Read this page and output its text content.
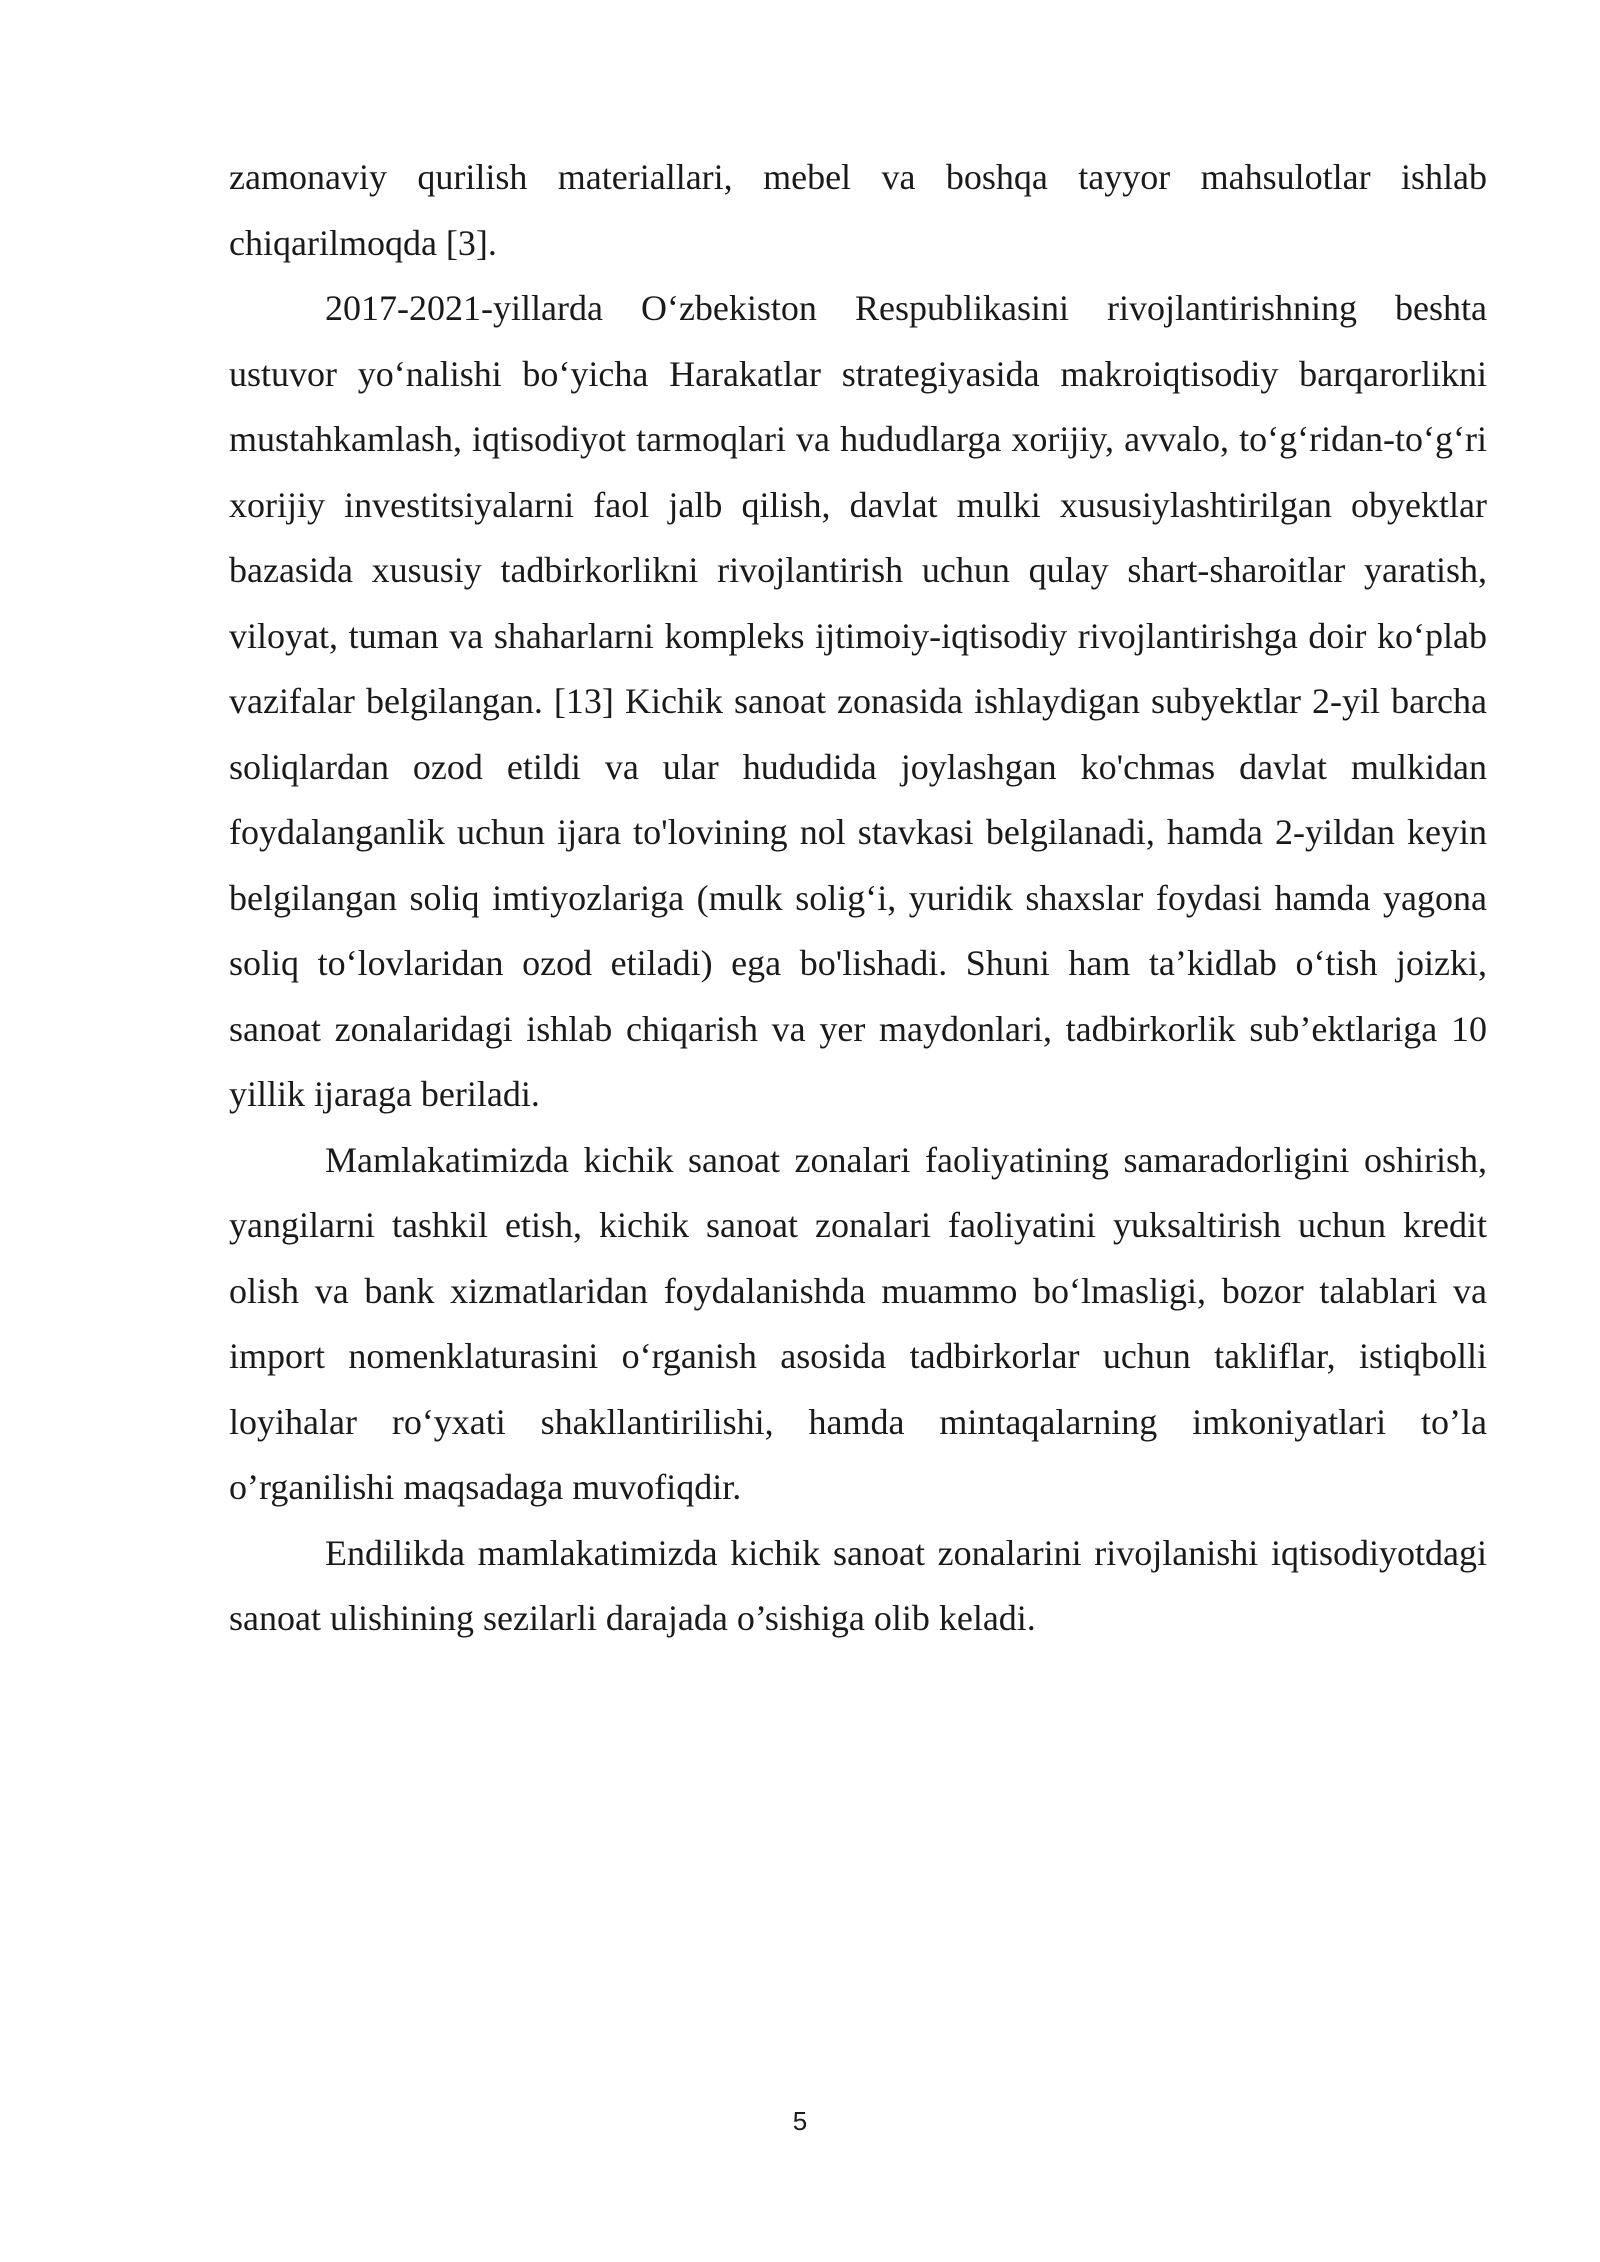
zamonaviy qurilish materiallari, mebel va boshqa tayyor mahsulotlar ishlab chiqarilmoqda [3].

2017-2021-yillarda O‘zbekiston Respublikasini rivojlantirishning beshta ustuvor yo‘nalishi bo‘yicha Harakatlar strategiyasida makroiqtisodiy barqarorlikni mustahkamlash, iqtisodiyot tarmoqlari va hududlarga xorijiy, avvalo, to‘g‘ridan-to‘g‘ri xorijiy investitsiyalarni faol jalb qilish, davlat mulki xususiylashtirilgan obyektlar bazasida xususiy tadbirkorlikni rivojlantirish uchun qulay shart-sharoitlar yaratish, viloyat, tuman va shaharlarni kompleks ijtimoiy-iqtisodiy rivojlantirishga doir ko‘plab vazifalar belgilangan. [13] Kichik sanoat zonasida ishlaydigan subyektlar 2-yil barcha soliqlardan ozod etildi va ular hududida joylashgan ko'chmas davlat mulkidan foydalanganlik uchun ijara to'lovining nol stavkasi belgilanadi, hamda 2-yildan keyin belgilangan soliq imtiyozlariga (mulk solig‘i, yuridik shaxslar foydasi hamda yagona soliq to‘lovlaridan ozod etiladi) ega bo'lishadi. Shuni ham ta’kidlab o‘tish joizki, sanoat zonalaridagi ishlab chiqarish va yer maydonlari, tadbirkorlik sub’ektlariga 10 yillik ijaraga beriladi.

Mamlakatimizda kichik sanoat zonalari faoliyatining samaradorligini oshirish, yangilarni tashkil etish, kichik sanoat zonalari faoliyatini yuksaltirish uchun kredit olish va bank xizmatlaridan foydalanishda muammo bo‘lmasligi, bozor talablari va import nomenklaturasini o‘rganish asosida tadbirkorlar uchun takliflar, istiqbolli loyihalar ro‘yxati shakllantirilishi, hamda mintaqalarning imkoniyatlari to’la o’rganilishi maqsadaga muvofiqdir.

Endilikda mamlakatimizda kichik sanoat zonalarini rivojlanishi iqtisodiyotdagi sanoat ulishining sezilarli darajada o’sishiga olib keladi.

5
